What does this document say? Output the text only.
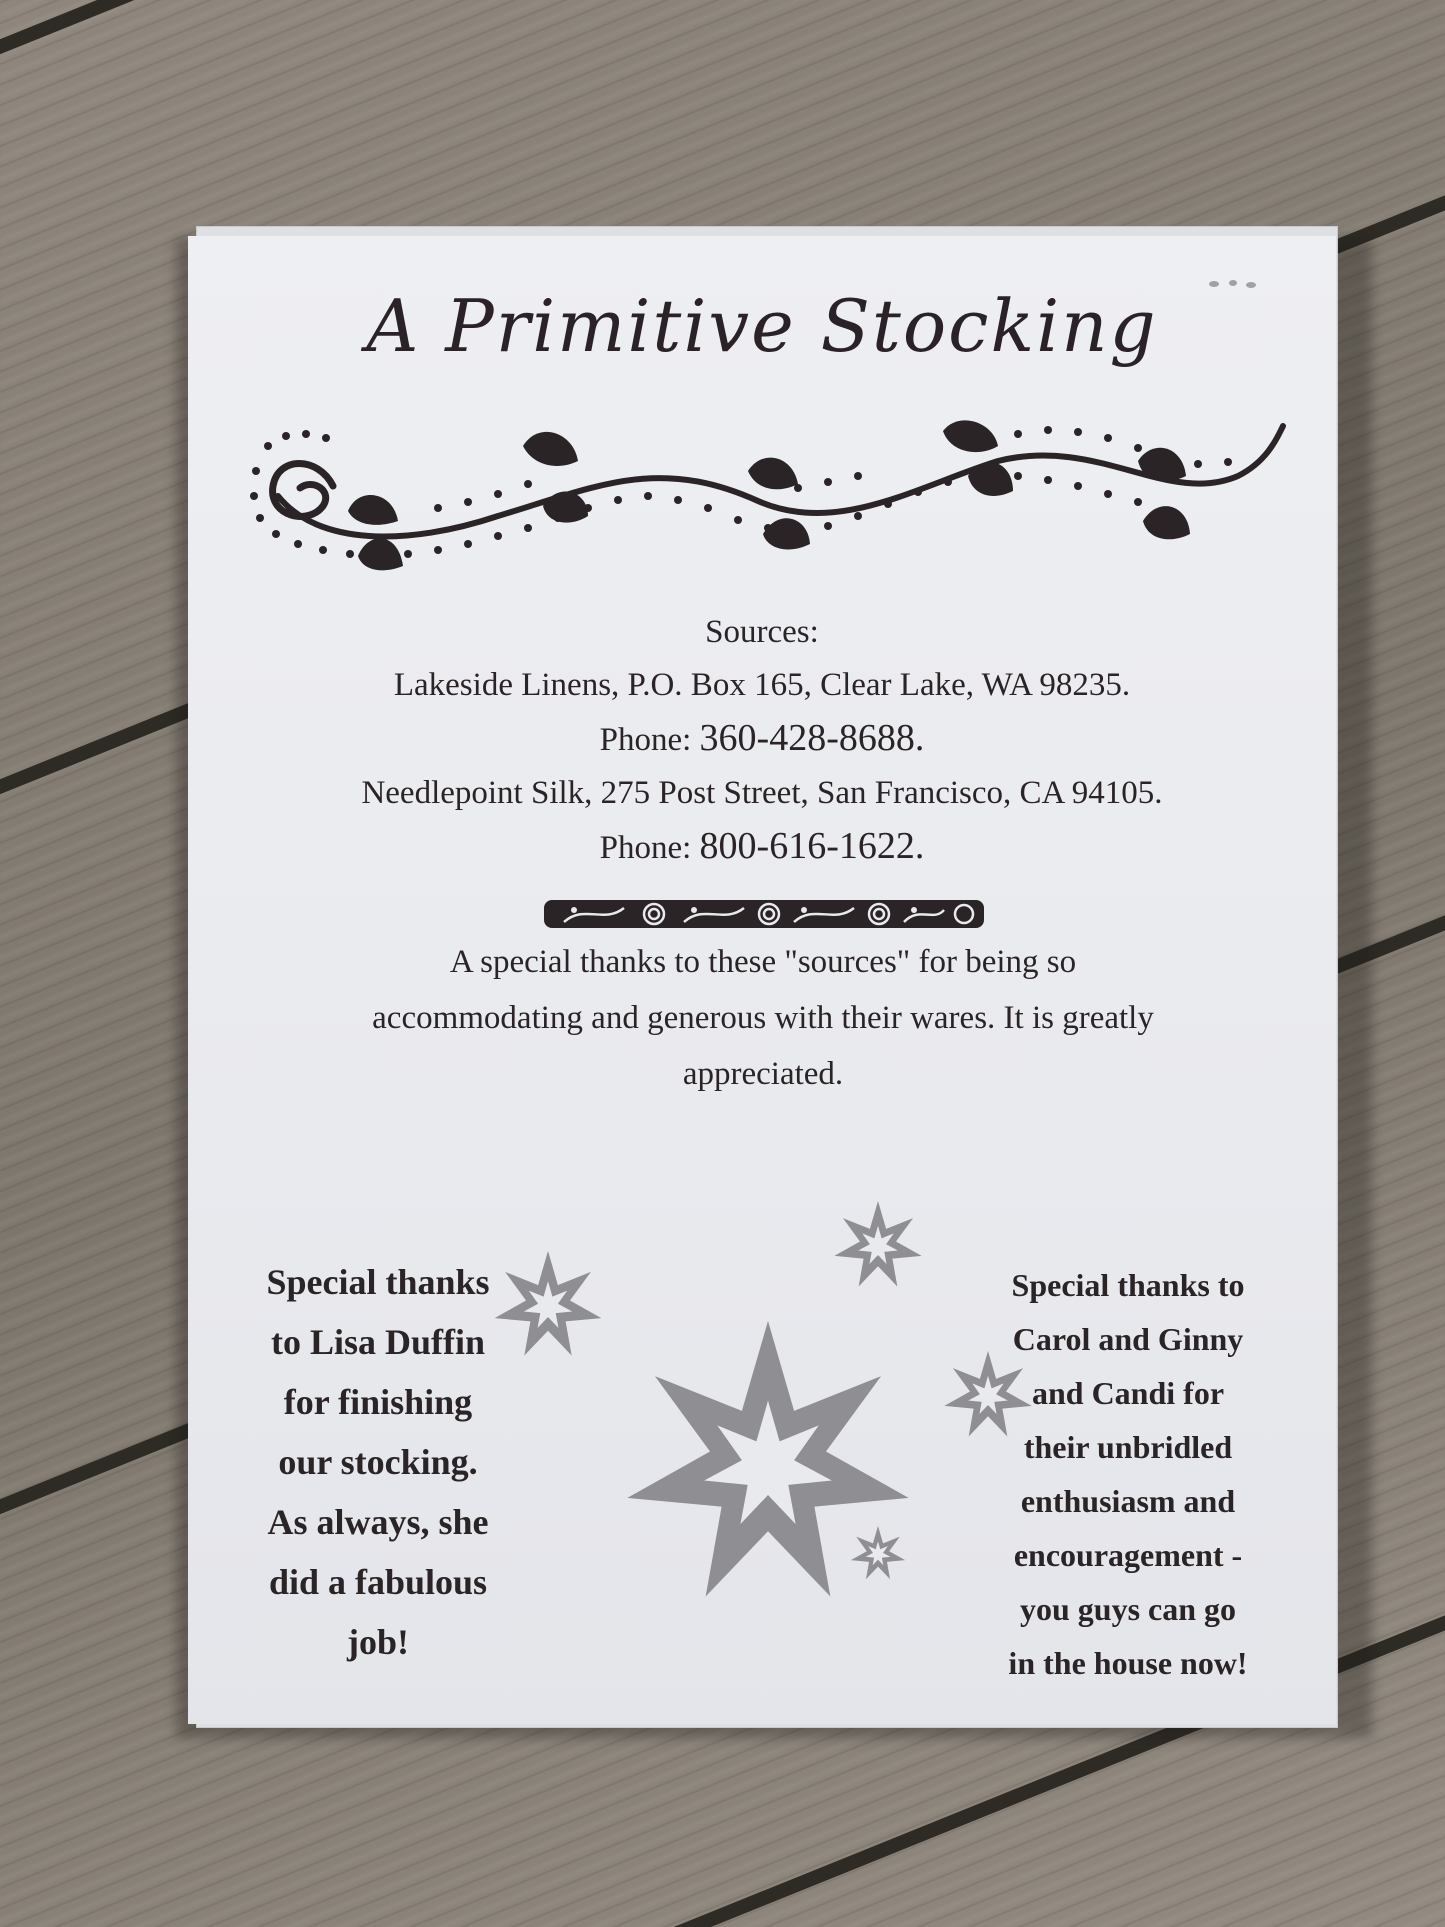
A Primitive Stocking
Sources:
Lakeside Linens, P.O. Box 165, Clear Lake, WA 98235.
Phone: 360-428-8688.
Needlepoint Silk, 275 Post Street, San Francisco, CA 94105.
Phone: 800-616-1622.
A special thanks to these "sources" for being so
accommodating and generous with their wares. It is greatly
appreciated.
Special thanks
to Lisa Duffin
for finishing
our stocking.
As always, she
did a fabulous
job!
Special thanks to
Carol and Ginny
and Candi for
their unbridled
enthusiasm and
encouragement -
you guys can go
in the house now!
